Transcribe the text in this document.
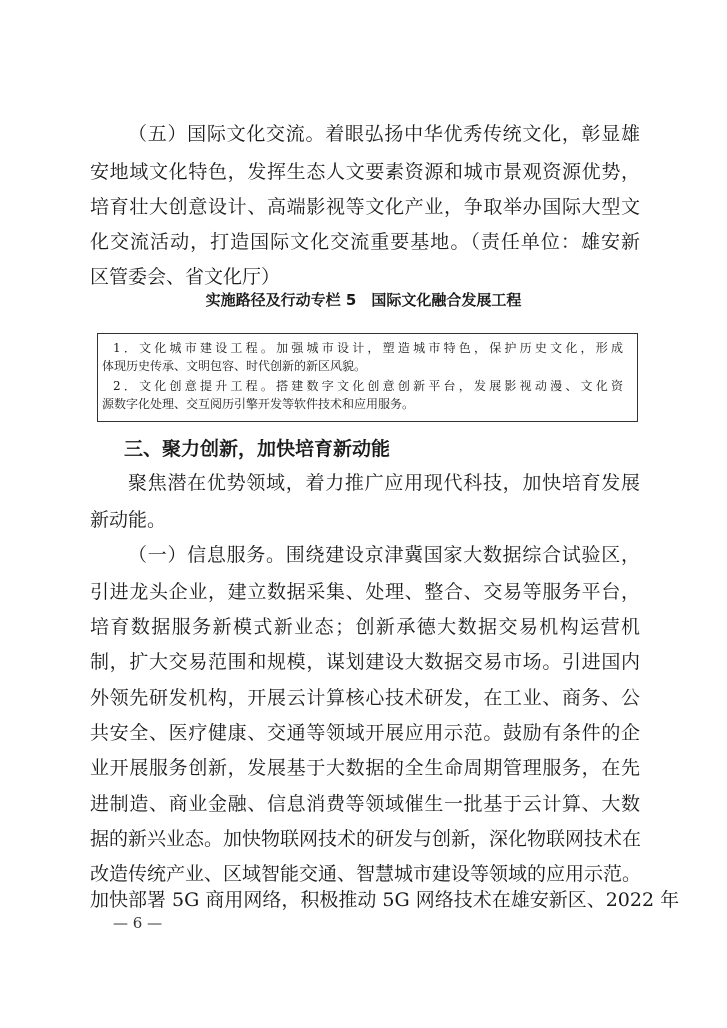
（五）国际文化交流。着眼弘扬中华优秀传统文化，彰显雄
安地域文化特色，发挥生态人文要素资源和城市景观资源优势，
培育壮大创意设计、高端影视等文化产业，争取举办国际大型文
化交流活动，打造国际文化交流重要基地。（责任单位：雄安新
区管委会、省文化厅）
实施路径及行动专栏 5　国际文化融合发展工程
1．文化城市建设工程。加强城市设计，塑造城市特色，保护历史文化，形成
体现历史传承、文明包容、时代创新的新区风貌。
2．文化创意提升工程。搭建数字文化创意创新平台，发展影视动漫、文化资
源数字化处理、交互阅历引擎开发等软件技术和应用服务。
三、聚力创新，加快培育新动能
聚焦潜在优势领域，着力推广应用现代科技，加快培育发展
新动能。
（一）信息服务。围绕建设京津冀国家大数据综合试验区，
引进龙头企业，建立数据采集、处理、整合、交易等服务平台，
培育数据服务新模式新业态；创新承德大数据交易机构运营机
制，扩大交易范围和规模，谋划建设大数据交易市场。引进国内
外领先研发机构，开展云计算核心技术研发，在工业、商务、公
共安全、医疗健康、交通等领域开展应用示范。鼓励有条件的企
业开展服务创新，发展基于大数据的全生命周期管理服务，在先
进制造、商业金融、信息消费等领域催生一批基于云计算、大数
据的新兴业态。加快物联网技术的研发与创新，深化物联网技术在
改造传统产业、区域智能交通、智慧城市建设等领域的应用示范。
加快部署 5G 商用网络，积极推动 5G 网络技术在雄安新区、2022 年
— 6 —
